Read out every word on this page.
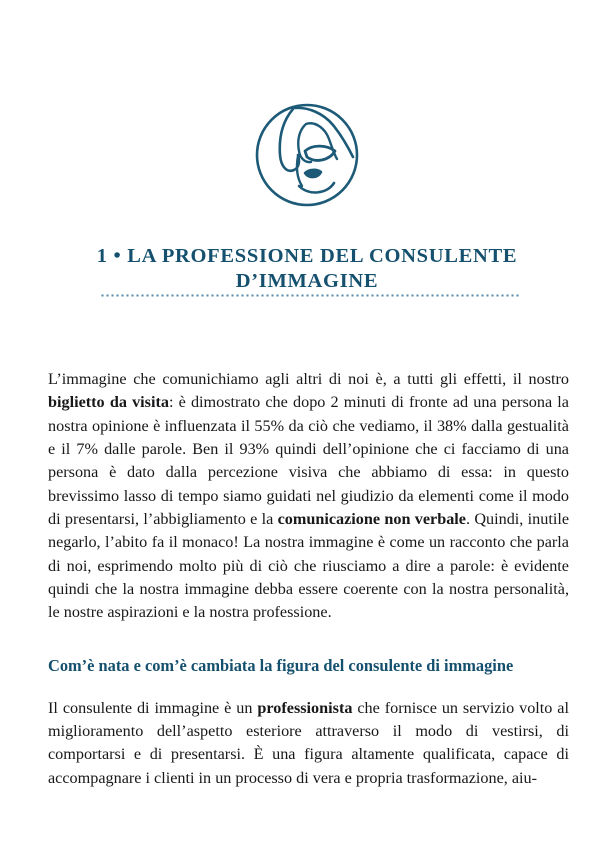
1 • LA PROFESSIONE DEL CONSULENTE
D’IMMAGINE

L’immagine che comunichiamo agli altri di noi è, a tutti gli effetti, il nostro biglietto da visita: è dimostrato che dopo 2 minuti di fronte ad una persona la nostra opinione è influenzata il 55% da ciò che vediamo, il 38% dalla gestualità e il 7% dalle parole. Ben il 93% quindi dell’opinione che ci facciamo di una persona è dato dalla percezione visiva che abbiamo di essa: in questo brevissimo lasso di tempo siamo guidati nel giudizio da elementi come il modo di presentarsi, l’abbigliamento e la comunicazione non verbale. Quindi, inutile negarlo, l’abito fa il monaco! La nostra immagine è come un racconto che parla di noi, esprimendo molto più di ciò che riusciamo a dire a parole: è evidente quindi che la nostra immagine debba essere coerente con la nostra personalità, le nostre aspirazioni e la nostra professione.

Com’è nata e com’è cambiata la figura del consulente di immagine

Il consulente di immagine è un professionista che fornisce un servizio volto al miglioramento dell’aspetto esteriore attraverso il modo di vestirsi, di comportarsi e di presentarsi. È una figura altamente qualificata, capace di accompagnare i clienti in un processo di vera e propria trasformazione, aiu-
